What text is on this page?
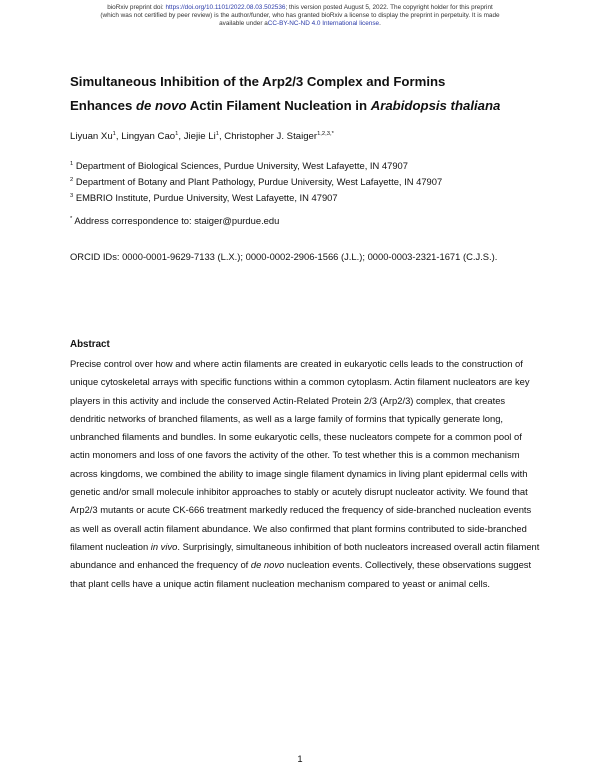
bioRxiv preprint doi: https://doi.org/10.1101/2022.08.03.502536; this version posted August 5, 2022. The copyright holder for this preprint
(which was not certified by peer review) is the author/funder, who has granted bioRxiv a license to display the preprint in perpetuity. It is made
available under aCC-BY-NC-ND 4.0 International license.
Simultaneous Inhibition of the Arp2/3 Complex and Formins
Enhances de novo Actin Filament Nucleation in Arabidopsis thaliana
Liyuan Xu$^1$, Lingyan Cao$^1$, Jiejie Li$^1$, Christopher J. Staiger$^{1,2,3,*}$
$^1$ Department of Biological Sciences, Purdue University, West Lafayette, IN 47907
$^2$ Department of Botany and Plant Pathology, Purdue University, West Lafayette, IN 47907
$^3$ EMBRIO Institute, Purdue University, West Lafayette, IN 47907
* Address correspondence to: staiger@purdue.edu
ORCID IDs: 0000-0001-9629-7133 (L.X.); 0000-0002-2906-1566 (J.L.); 0000-0003-2321-1671 (C.J.S.).
Abstract

Precise control over how and where actin filaments are created in eukaryotic cells leads to the construction of unique cytoskeletal arrays with specific functions within a common cytoplasm. Actin filament nucleators are key players in this activity and include the conserved Actin-Related Protein 2/3 (Arp2/3) complex, that creates dendritic networks of branched filaments, as well as a large family of formins that typically generate long, unbranched filaments and bundles. In some eukaryotic cells, these nucleators compete for a common pool of actin monomers and loss of one favors the activity of the other. To test whether this is a common mechanism across kingdoms, we combined the ability to image single filament dynamics in living plant epidermal cells with genetic and/or small molecule inhibitor approaches to stably or acutely disrupt nucleator activity. We found that Arp2/3 mutants or acute CK-666 treatment markedly reduced the frequency of side-branched nucleation events as well as overall actin filament abundance. We also confirmed that plant formins contributed to side-branched filament nucleation in vivo. Surprisingly, simultaneous inhibition of both nucleators increased overall actin filament abundance and enhanced the frequency of de novo nucleation events. Collectively, these observations suggest that plant cells have a unique actin filament nucleation mechanism compared to yeast or animal cells.

1
